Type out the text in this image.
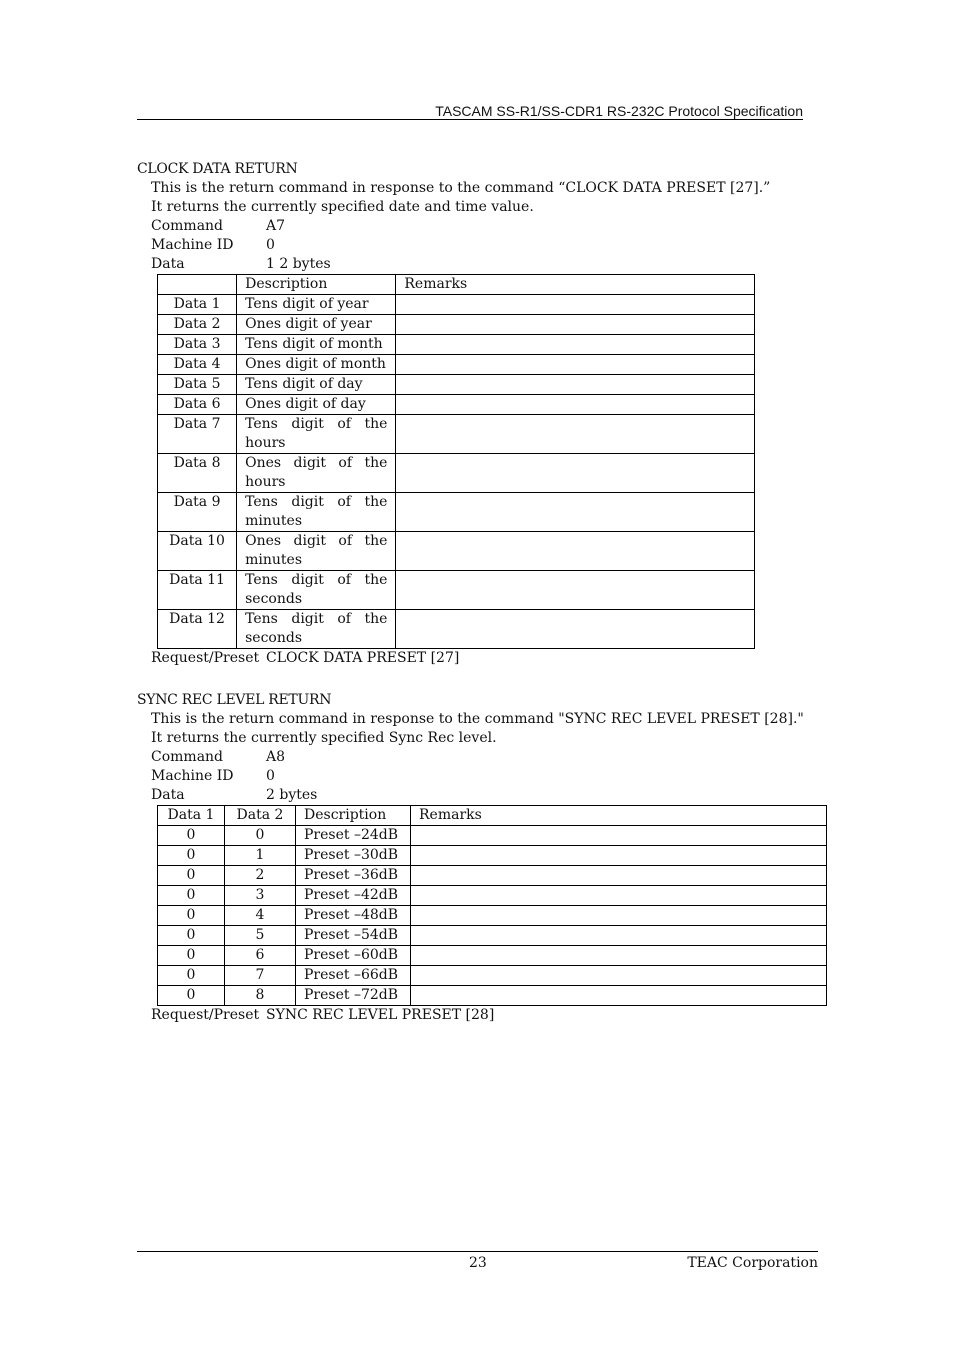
TASCAM SS-R1/SS-CDR1 RS-232C Protocol Specification
CLOCK DATA RETURN

This is the return command in response to the command “CLOCK DATA PRESET [27].”

It returns the currently specified date and time value.

Command	A7
Machine ID	0
Data	1 2 bytes
	Description	Remarks
Data 1	Tens digit of year	
Data 2	Ones digit of year	
Data 3	Tens digit of month	
Data 4	Ones digit of month	
Data 5	Tens digit of day	
Data 6	Ones digit of day	
Data 7	Tens digit of the hours	
Data 8	Ones digit of the hours	
Data 9	Tens digit of the minutes	
Data 10	Ones digit of the minutes	
Data 11	Tens digit of the seconds	
Data 12	Tens digit of the seconds	
Request/Preset CLOCK DATA PRESET [27]
SYNC REC LEVEL RETURN

This is the return command in response to the command "SYNC REC LEVEL PRESET [28]."

It returns the currently specified Sync Rec level.

Command	A8
Machine ID	0
Data	2 bytes
Data 1	Data 2	Description	Remarks
0	0	Preset –24dB	
0	1	Preset –30dB	
0	2	Preset –36dB	
0	3	Preset –42dB	
0	4	Preset –48dB	
0	5	Preset –54dB	
0	6	Preset –60dB	
0	7	Preset –66dB	
0	8	Preset –72dB	
Request/Preset SYNC REC LEVEL PRESET [28]
23	TEAC Corporation
